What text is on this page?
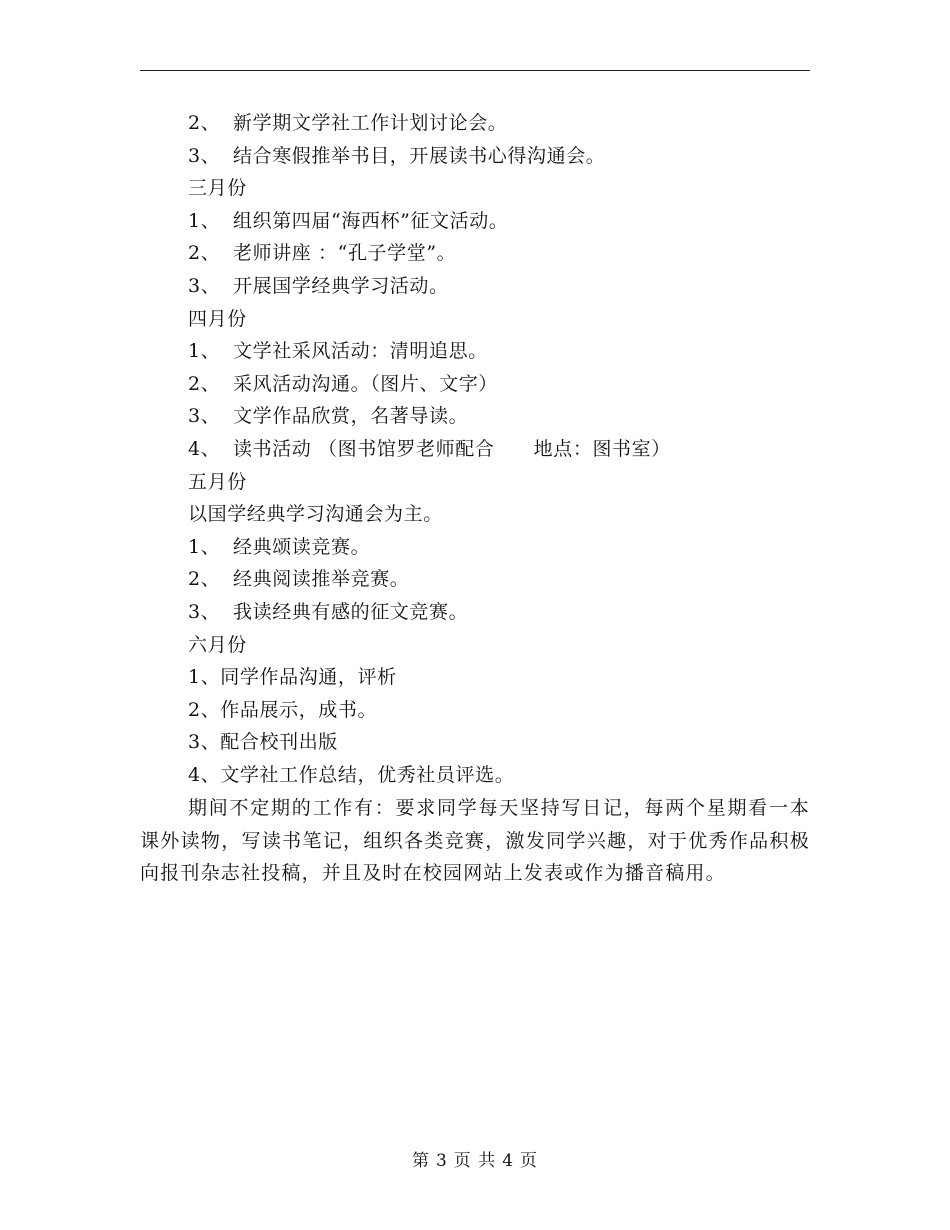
2、 新学期文学社工作计划讨论会。
3、 结合寒假推举书目，开展读书心得沟通会。
三月份
1、 组织第四届“海西杯”征文活动。
2、 老师讲座 ：“孔子学堂”。
3、 开展国学经典学习活动。
四月份
1、 文学社采风活动：清明追思。
2、 采风活动沟通。（图片、文字）
3、 文学作品欣赏，名著导读。
4、 读书活动 （图书馆罗老师配合　　地点：图书室）
五月份
以国学经典学习沟通会为主。
1、 经典颂读竞赛。
2、 经典阅读推举竞赛。
3、 我读经典有感的征文竞赛。
六月份
1、同学作品沟通，评析
2、作品展示，成书。
3、配合校刊出版
4、文学社工作总结，优秀社员评选。

期间不定期的工作有：要求同学每天坚持写日记，每两个星期看一本课外读物，写读书笔记，组织各类竞赛，激发同学兴趣，对于优秀作品积极向报刊杂志社投稿，并且及时在校园网站上发表或作为播音稿用。

第 3 页 共 4 页
